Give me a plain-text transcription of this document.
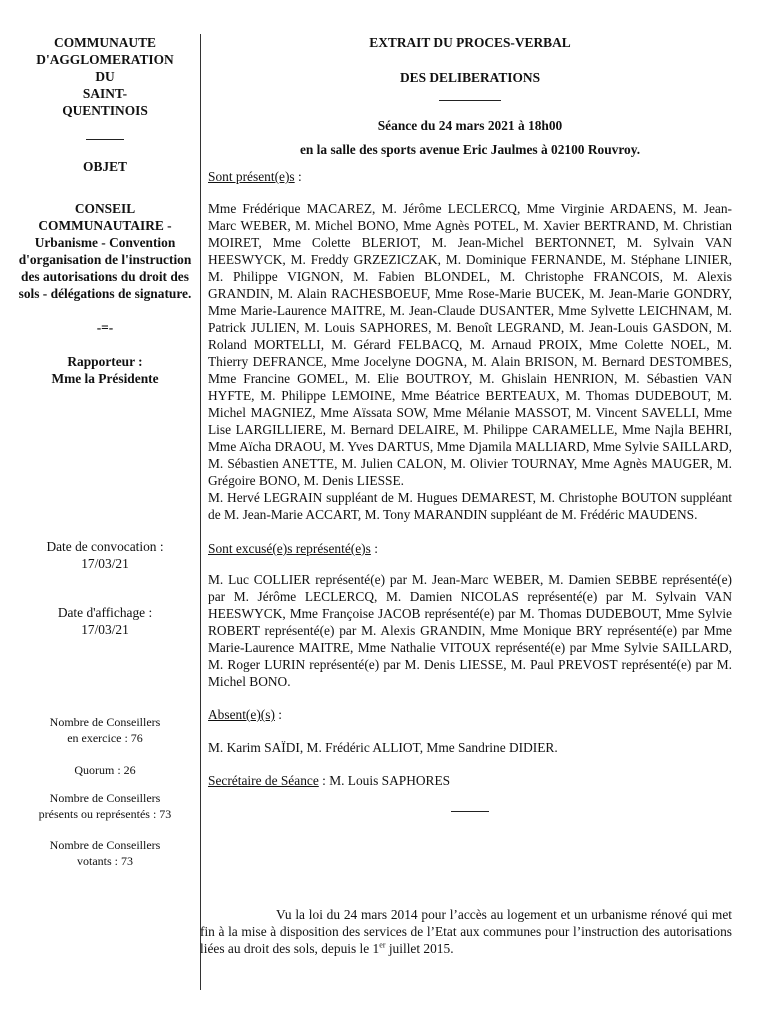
COMMUNAUTE
D'AGGLOMERATION
DU
SAINT-
QUENTINOIS
OBJET
CONSEIL COMMUNAUTAIRE -
Urbanisme - Convention d'organisation de l'instruction des autorisations du droit des sols - délégations de signature.
-=-
Rapporteur :
Mme la Présidente
Date de convocation :
17/03/21
Date d'affichage :
17/03/21
Nombre de Conseillers
en exercice : 76
Quorum : 26
Nombre de Conseillers
présents ou représentés : 73
Nombre de Conseillers
votants : 73

EXTRAIT DU PROCES-VERBAL

DES DELIBERATIONS

Séance du 24 mars 2021 à 18h00

en la salle des sports avenue Eric Jaulmes à 02100 Rouvroy.

Sont présent(e)s :

Mme Frédérique MACAREZ, M. Jérôme LECLERCQ, Mme Virginie ARDAENS, M. Jean-Marc WEBER, M. Michel BONO, Mme Agnès POTEL, M. Xavier BERTRAND, M. Christian MOIRET, Mme Colette BLERIOT, M. Jean-Michel BERTONNET, M. Sylvain VAN HEESWYCK, M. Freddy GRZEZICZAK, M. Dominique FERNANDE, M. Stéphane LINIER, M. Philippe VIGNON, M. Fabien BLONDEL, M. Christophe FRANCOIS, M. Alexis GRANDIN, M. Alain RACHESBOEUF, Mme Rose-Marie BUCEK, M. Jean-Marie GONDRY, Mme Marie-Laurence MAITRE, M. Jean-Claude DUSANTER, Mme Sylvette LEICHNAM, M. Patrick JULIEN, M. Louis SAPHORES, M. Benoît LEGRAND, M. Jean-Louis GASDON, M. Roland MORTELLI, M. Gérard FELBACQ, M. Arnaud PROIX, Mme Colette NOEL, M. Thierry DEFRANCE, Mme Jocelyne DOGNA, M. Alain BRISON, M. Bernard DESTOMBES, Mme Francine GOMEL, M. Elie BOUTROY, M. Ghislain HENRION, M. Sébastien VAN HYFTE, M. Philippe LEMOINE, Mme Béatrice BERTEAUX, M. Thomas DUDEBOUT, M. Michel MAGNIEZ, Mme Aïssata SOW, Mme Mélanie MASSOT, M. Vincent SAVELLI, Mme Lise LARGILLIERE, M. Bernard DELAIRE, M. Philippe CARAMELLE, Mme Najla BEHRI, Mme Aïcha DRAOU, M. Yves DARTUS, Mme Djamila MALLIARD, Mme Sylvie SAILLARD, M. Sébastien ANETTE, M. Julien CALON, M. Olivier TOURNAY, Mme Agnès MAUGER, M. Grégoire BONO, M. Denis LIESSE.

M. Hervé LEGRAIN suppléant de M. Hugues DEMAREST, M. Christophe BOUTON suppléant de M. Jean-Marie ACCART, M. Tony MARANDIN suppléant de M. Frédéric MAUDENS.

Sont excusé(e)s représenté(e)s :

M. Luc COLLIER représenté(e) par M. Jean-Marc WEBER, M. Damien SEBBE représenté(e) par M. Jérôme LECLERCQ, M. Damien NICOLAS représenté(e) par M. Sylvain VAN HEESWYCK, Mme Françoise JACOB représenté(e) par M. Thomas DUDEBOUT, Mme Sylvie ROBERT représenté(e) par M. Alexis GRANDIN, Mme Monique BRY représenté(e) par Mme Marie-Laurence MAITRE, Mme Nathalie VITOUX représenté(e) par Mme Sylvie SAILLARD, M. Roger LURIN représenté(e) par M. Denis LIESSE, M. Paul PREVOST représenté(e) par M. Michel BONO.

Absent(e)(s) :

M. Karim SAÏDI, M. Frédéric ALLIOT, Mme Sandrine DIDIER.

Secrétaire de Séance : M. Louis SAPHORES

Vu la loi du 24 mars 2014 pour l’accès au logement et un urbanisme rénové qui met fin à la mise à disposition des services de l’Etat aux communes pour l’instruction des autorisations liées au droit des sols, depuis le 1er juillet 2015.
